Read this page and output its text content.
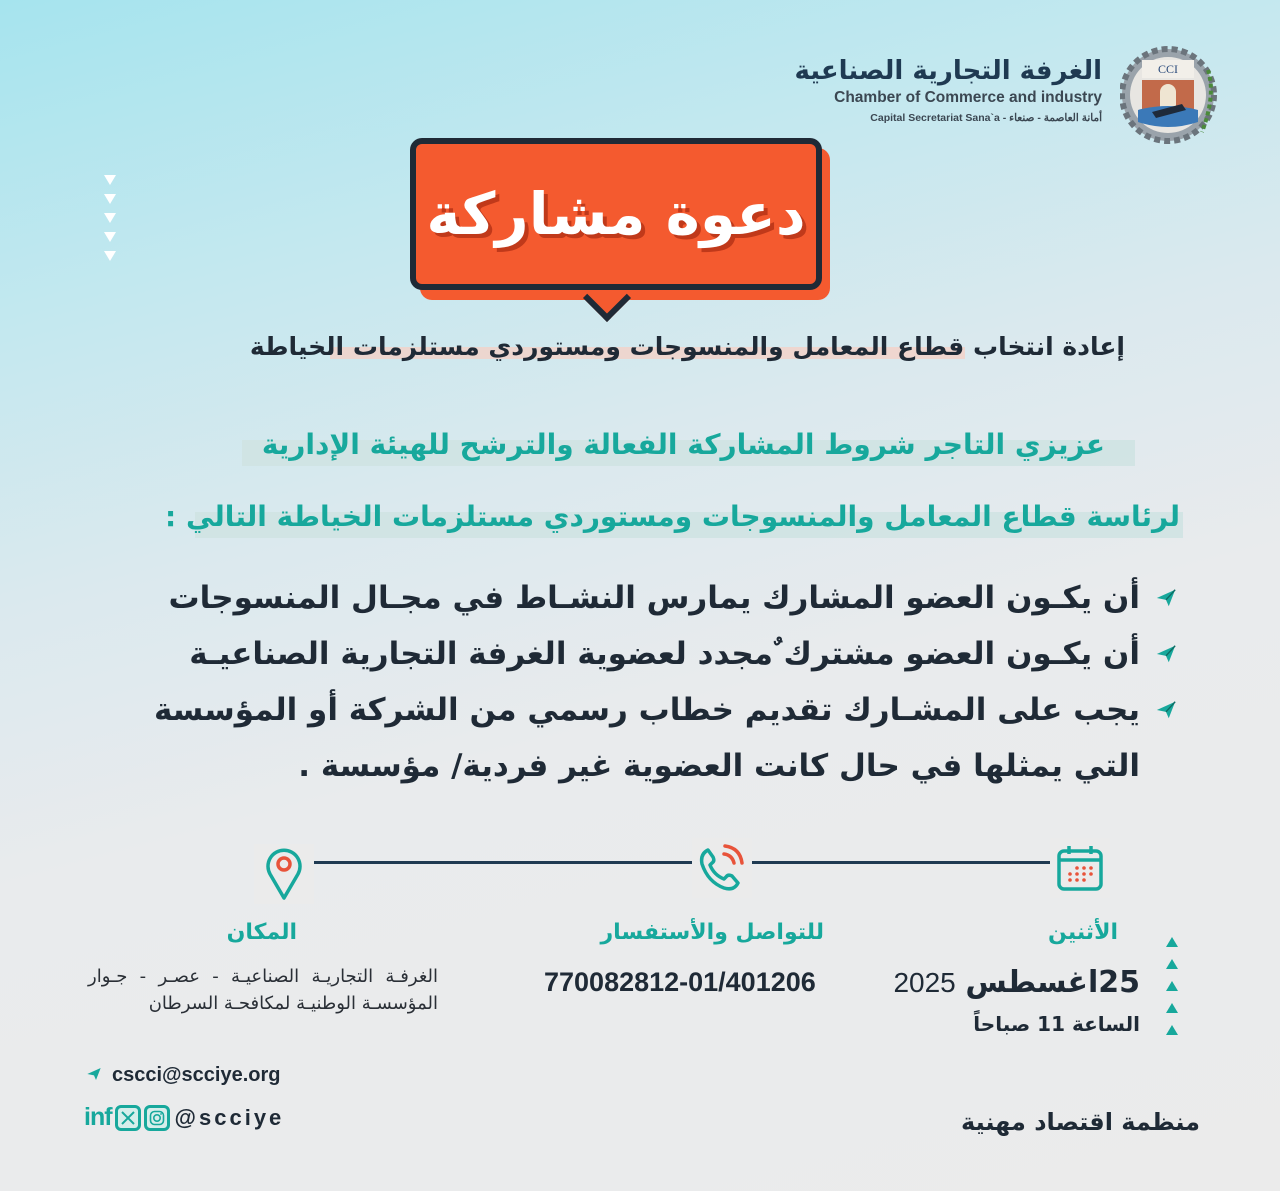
الغرفة التجارية الصناعية
Chamber of Commerce and industry
Capital Secretariat Sana`a - أمانة العاصمة - صنعاء
CCI
دعوة مشاركة
إعادة انتخاب قطاع المعامل والمنسوجات ومستوردي مستلزمات الخياطة
عزيزي التاجر شروط المشاركة الفعالة والترشح للهيئة الإدارية
لرئاسة قطاع المعامل والمنسوجات ومستوردي مستلزمات الخياطة التالي :
أن يكـون العضو المشارك يمارس النشـاط في مجـال المنسوجات
أن يكـون العضو مشترك ٌمجدد لعضوية الغرفة التجارية الصناعيـة
يجب على المشـارك تقديم خطاب رسمي من الشركة أو المؤسسة
التي يمثلها في حال كانت العضوية غير فردية/ مؤسسة .
الأثنين
للتواصل والأستفسار
المكان
25اغسطس 2025
الساعة 11 صباحاً
770082812-01/401206
الغرفـة التجاريـة الصناعيـة - عصـر - جـوار المؤسسـة الوطنيـة لمكافحـة السرطان
cscci@scciye.org
inf	@scciye	منظمة اقتصاد مهنية
